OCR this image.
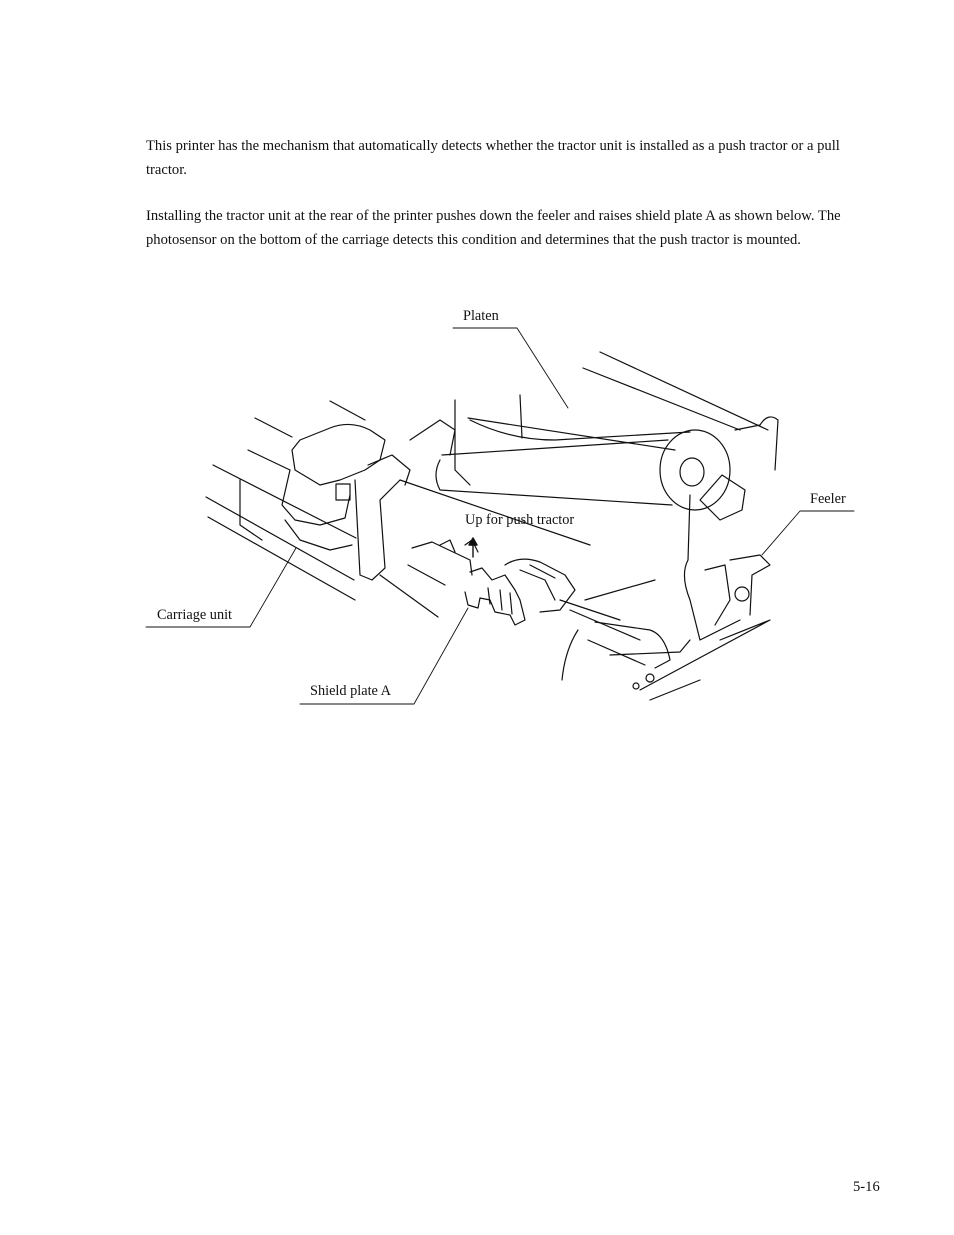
This printer has the mechanism that automatically detects whether the tractor unit is installed as a push tractor or a pull tractor.

Installing the tractor unit at the rear of the printer pushes down the feeler and raises shield plate A as shown below. The photosensor on the bottom of the carriage detects this condition and determines that the push tractor is mounted.

Platen
Feeler
Up for push tractor
Carriage unit
Shield plate A
5-16
